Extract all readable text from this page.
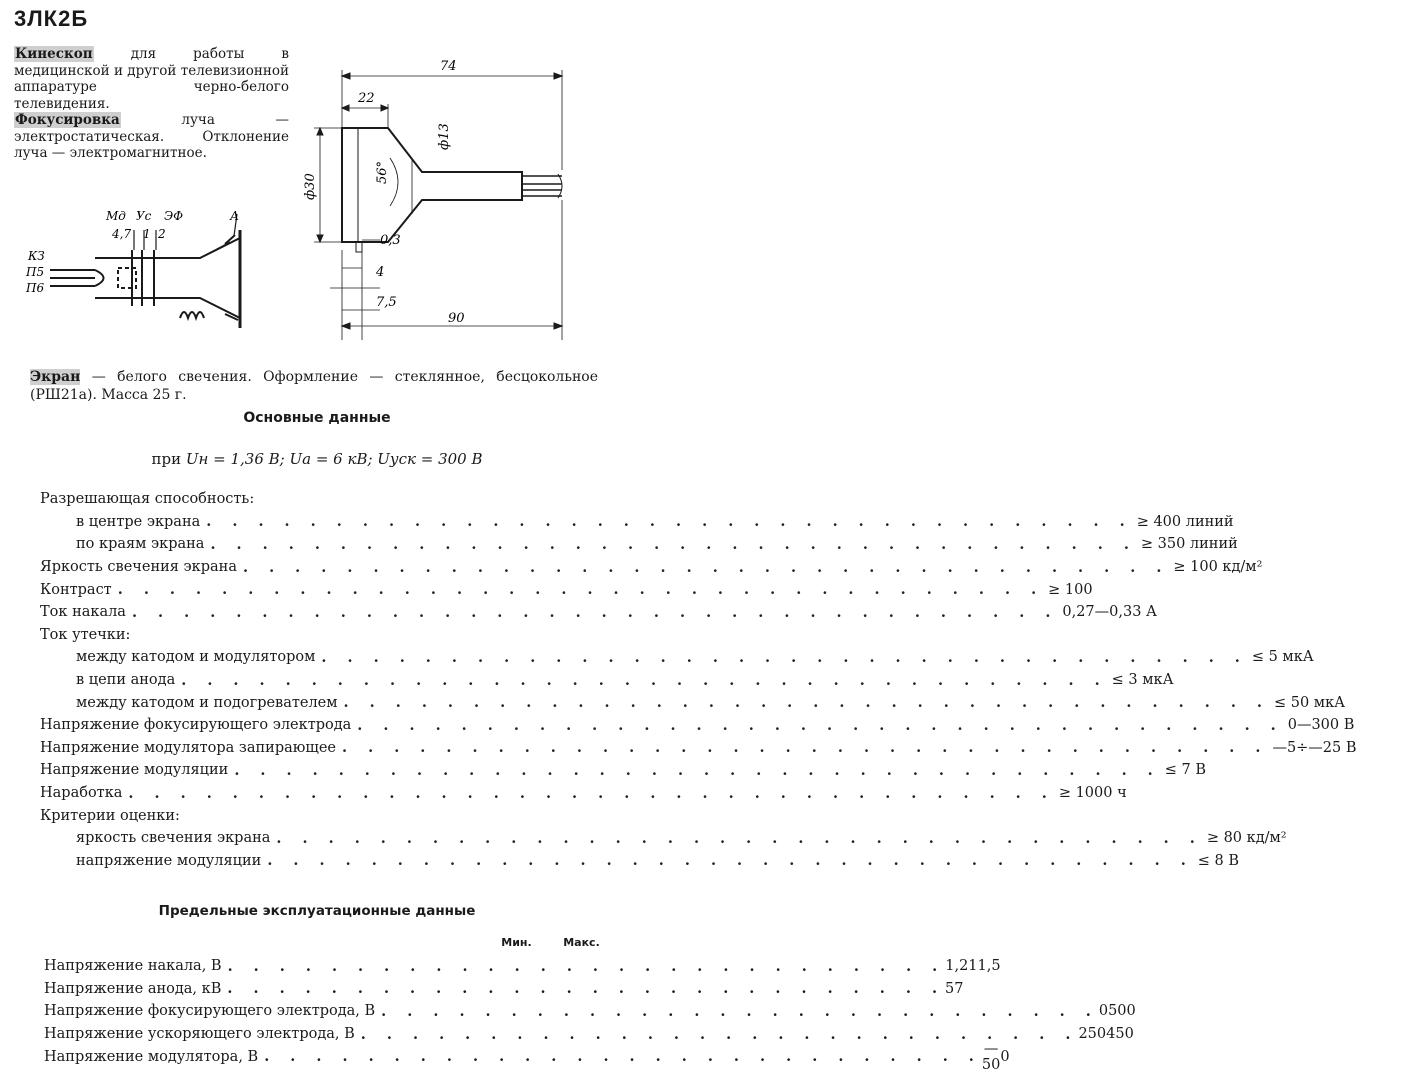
3ЛК2Б

Кинескоп для работы в медицинской и другой телевизионной аппаратуре черно-белого телевидения.

Фокусировка луча — электростатическая. Отклонение луча — электромагнитное.

Мд Ус ЭФ	А
4,7 1 2
КЗ
П5
П6
74
22
ф13
ф30
56°
0,3
4
7,5
90
Экран — белого свечения. Оформление — стеклянное, бесцокольное (РШ21а). Масса 25 г.
Основные данные
при Uн = 1,36 В; Uа = 6 кВ; Uуск = 300 В
Разрешающая способность:
в центре экрана . . . . . . . . . . . . . . . . . . . . . . . . . . . . . . . . . . . . ≥ 400 линий
по краям экрана . . . . . . . . . . . . . . . . . . . . . . . . . . . . . . . . . . . . ≥ 350 линий
Яркость свечения экрана . . . . . . . . . . . . . . . . . . . . . . . . . . . . . . . . . . . . ≥ 100 кд/м²
Контраст . . . . . . . . . . . . . . . . . . . . . . . . . . . . . . . . . . . . ≥ 100
Ток накала . . . . . . . . . . . . . . . . . . . . . . . . . . . . . . . . . . . . 0,27—0,33 А
Ток утечки:
между катодом и модулятором . . . . . . . . . . . . . . . . . . . . . . . . . . . . . . . . . . . . ≤ 5 мкА
в цепи анода . . . . . . . . . . . . . . . . . . . . . . . . . . . . . . . . . . . . ≤ 3 мкА
между катодом и подогревателем . . . . . . . . . . . . . . . . . . . . . . . . . . . . . . . . . . . . ≤ 50 мкА
Напряжение фокусирующего электрода . . . . . . . . . . . . . . . . . . . . . . . . . . . . . . . . . . . . 0—300 В
Напряжение модулятора запирающее . . . . . . . . . . . . . . . . . . . . . . . . . . . . . . . . . . . . —5÷—25 В
Напряжение модуляции . . . . . . . . . . . . . . . . . . . . . . . . . . . . . . . . . . . . ≤ 7 В
Наработка . . . . . . . . . . . . . . . . . . . . . . . . . . . . . . . . . . . . ≥ 1000 ч
Критерии оценки:
яркость свечения экрана . . . . . . . . . . . . . . . . . . . . . . . . . . . . . . . . . . . . ≥ 80 кд/м²
напряжение модуляции . . . . . . . . . . . . . . . . . . . . . . . . . . . . . . . . . . . . ≤ 8 В
Предельные эксплуатационные данные
Мин.	Макс.
Напряжение накала, В . . . . . . . . . . . . . . . . . . . . . . . . . . . . 1,21 1,5
Напряжение анода, кВ . . . . . . . . . . . . . . . . . . . . . . . . . . . . 5 7
Напряжение фокусирующего электрода, В . . . . . . . . . . . . . . . . . . . . . . . . . . . . 0 500
Напряжение ускоряющего электрода, В . . . . . . . . . . . . . . . . . . . . . . . . . . . . 250 450
Напряжение модулятора, В . . . . . . . . . . . . . . . . . . . . . . . . . . . . —50 0
